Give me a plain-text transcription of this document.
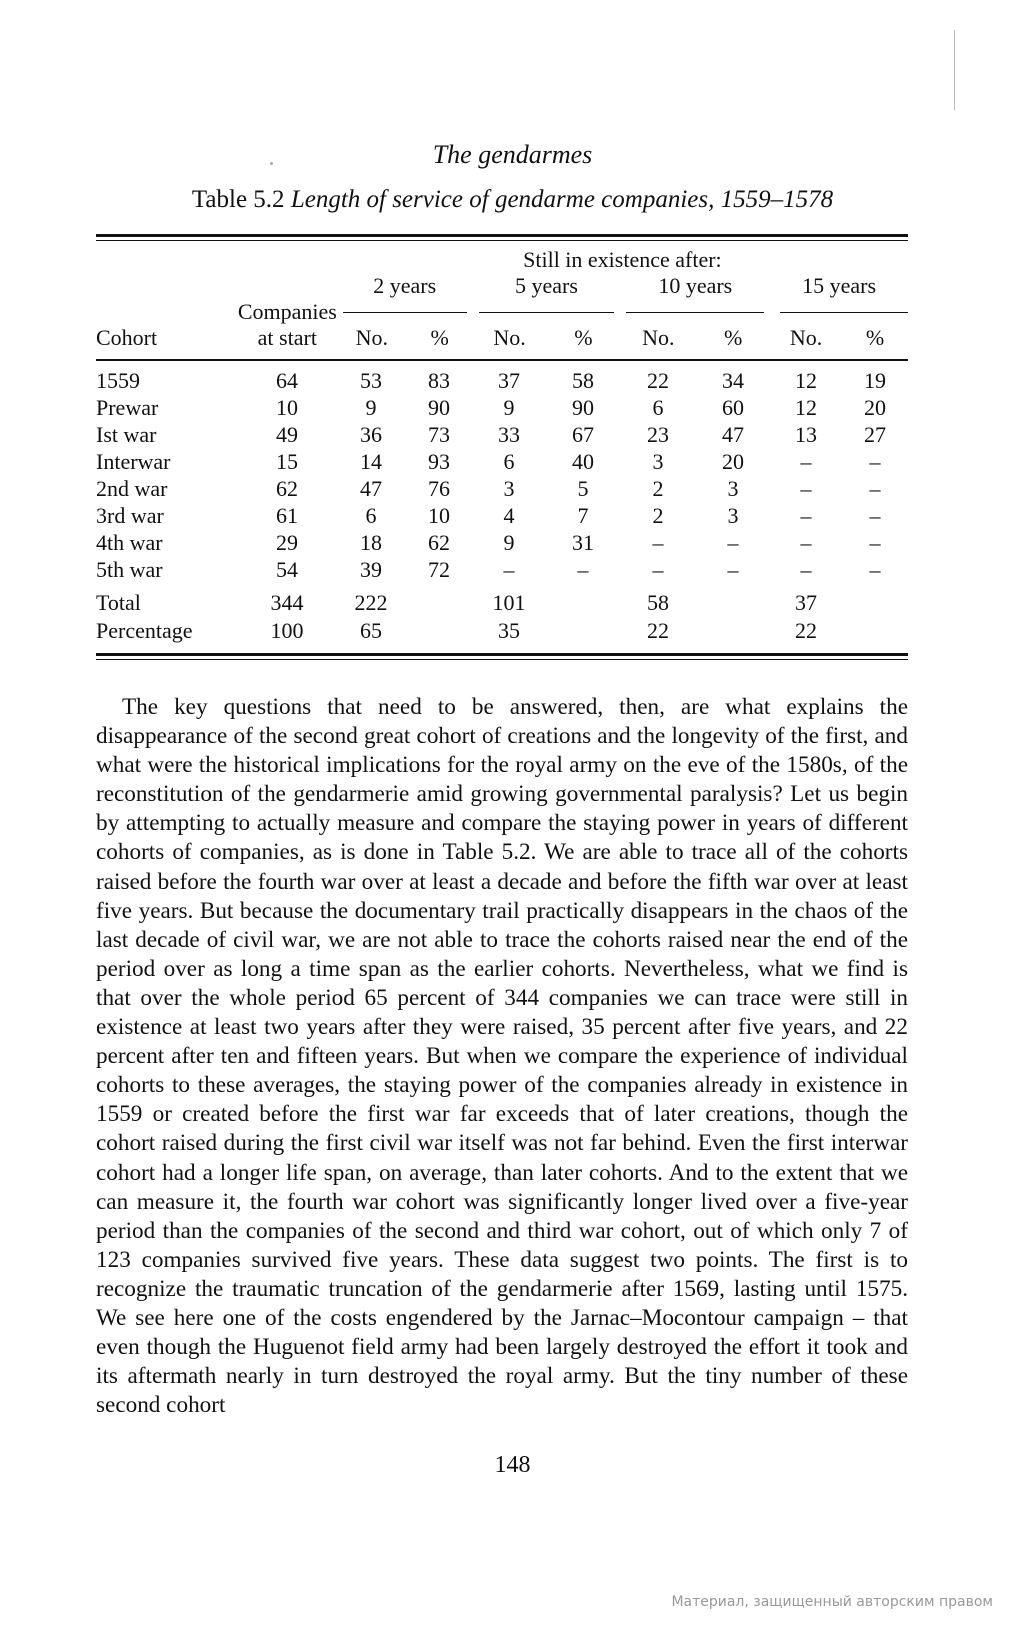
The gendarmes
Table 5.2 Length of service of gendarme companies, 1559–1578
		Still in existence after:							
		2 years		5 years		10 years		15 years	
	Companies					

Cohort	at start	No.	%	No.	%	No.	%	No.	%
1559	64	53	83	37	58	22	34	12	19
Prewar	10	9	90	9	90	6	60	12	20
Ist war	49	36	73	33	67	23	47	13	27
Interwar	15	14	93	6	40	3	20	–	–
2nd war	62	47	76	3	5	2	3	–	–
3rd war	61	6	10	4	7	2	3	–	–
4th war	29	18	62	9	31	–	–	–	–
5th war	54	39	72	–	–	–	–	–	–
Total	344	222		101		58		37	
Percentage	100	65		35		22		22	

The key questions that need to be answered, then, are what explains the disappearance of the second great cohort of creations and the longevity of the first, and what were the historical implications for the royal army on the eve of the 1580s, of the reconstitution of the gendarmerie amid growing governmental paralysis? Let us begin by attempting to actually measure and compare the staying power in years of different cohorts of companies, as is done in Table 5.2. We are able to trace all of the cohorts raised before the fourth war over at least a decade and before the fifth war over at least five years. But because the documentary trail practically disappears in the chaos of the last decade of civil war, we are not able to trace the cohorts raised near the end of the period over as long a time span as the earlier cohorts. Nevertheless, what we find is that over the whole period 65 percent of 344 companies we can trace were still in existence at least two years after they were raised, 35 percent after five years, and 22 percent after ten and fifteen years. But when we compare the experience of individual cohorts to these averages, the staying power of the companies already in existence in 1559 or created before the first war far exceeds that of later creations, though the cohort raised during the first civil war itself was not far behind. Even the first interwar cohort had a longer life span, on average, than later cohorts. And to the extent that we can measure it, the fourth war cohort was significantly longer lived over a five-year period than the companies of the second and third war cohort, out of which only 7 of 123 companies survived five years. These data suggest two points. The first is to recognize the traumatic truncation of the gendarmerie after 1569, lasting until 1575. We see here one of the costs engendered by the Jarnac–Mocontour campaign – that even though the Huguenot field army had been largely destroyed the effort it took and its aftermath nearly in turn destroyed the royal army. But the tiny number of these second cohort

148
Материал, защищенный авторским правом
